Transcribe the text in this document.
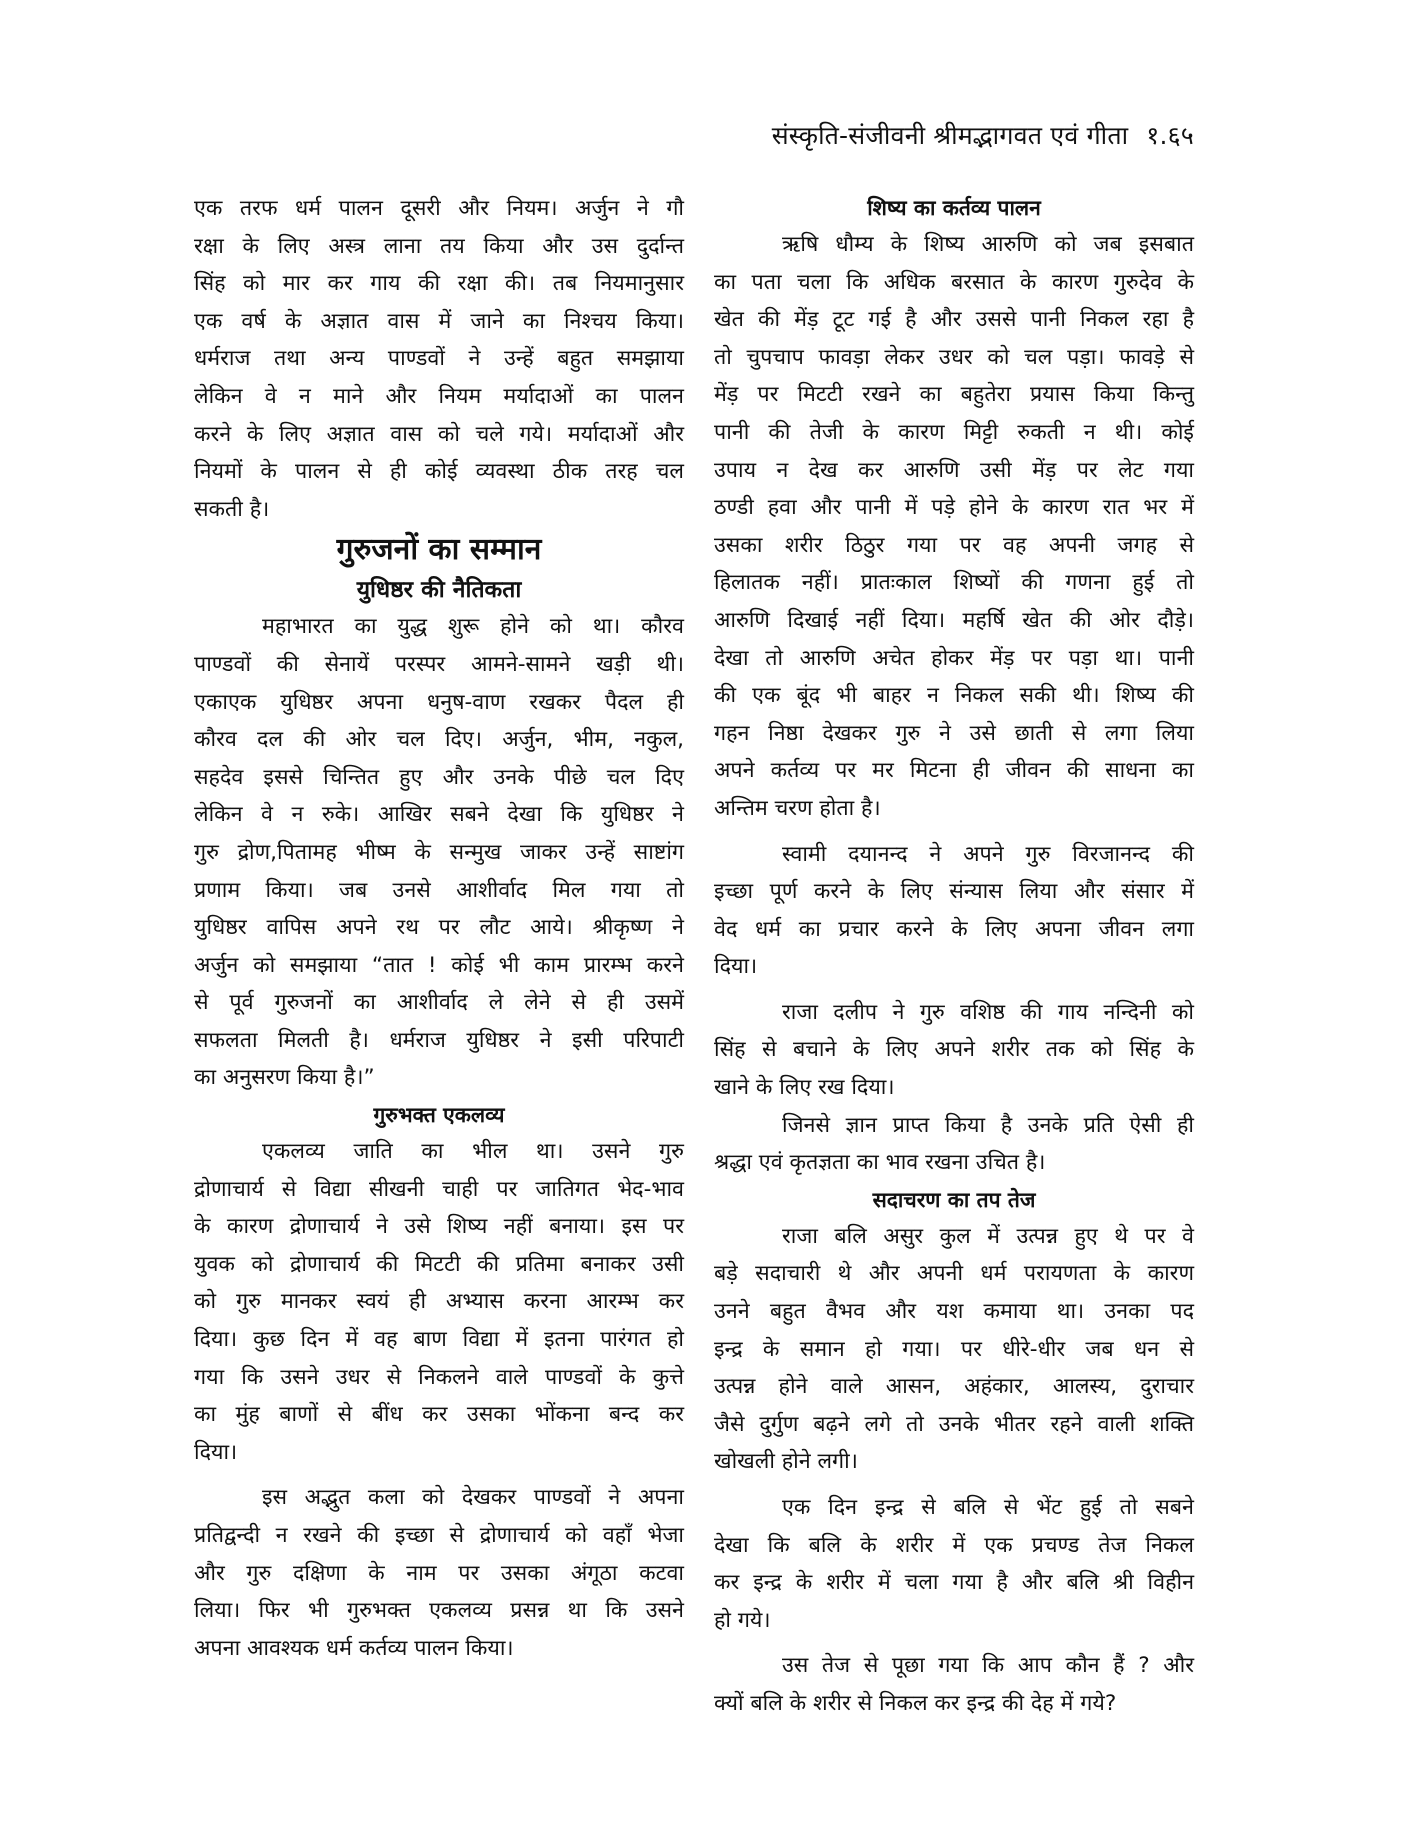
संस्कृति-संजीवनी श्रीमद्भागवत एवं गीता १.६५
एक तरफ धर्म पालन दूसरी और नियम। अर्जुन ने गौ
रक्षा के लिए अस्त्र लाना तय किया और उस दुर्दान्त
सिंह को मार कर गाय की रक्षा की। तब नियमानुसार
एक वर्ष के अज्ञात वास में जाने का निश्चय किया।
धर्मराज तथा अन्य पाण्डवों ने उन्हें बहुत समझाया
लेकिन वे न माने और नियम मर्यादाओं का पालन
करने के लिए अज्ञात वास को चले गये। मर्यादाओं और
नियमों के पालन से ही कोई व्यवस्था ठीक तरह चल
सकती है।
गुरुजनों का सम्मान
युधिष्ठर की नैतिकता
महाभारत का युद्ध शुरू होने को था। कौरव
पाण्डवों की सेनायें परस्पर आमने-सामने खड़ी थी।
एकाएक युधिष्ठर अपना धनुष-वाण रखकर पैदल ही
कौरव दल की ओर चल दिए। अर्जुन, भीम, नकुल,
सहदेव इससे चिन्तित हुए और उनके पीछे चल दिए
लेकिन वे न रुके। आखिर सबने देखा कि युधिष्ठर ने
गुरु द्रोण,पितामह भीष्म के सन्मुख जाकर उन्हें साष्टांग
प्रणाम किया। जब उनसे आशीर्वाद मिल गया तो
युधिष्ठर वापिस अपने रथ पर लौट आये। श्रीकृष्ण ने
अर्जुन को समझाया “तात ! कोई भी काम प्रारम्भ करने
से पूर्व गुरुजनों का आशीर्वाद ले लेने से ही उसमें
सफलता मिलती है। धर्मराज युधिष्ठर ने इसी परिपाटी
का अनुसरण किया है।”
गुरुभक्त एकलव्य
एकलव्य जाति का भील था। उसने गुरु
द्रोणाचार्य से विद्या सीखनी चाही पर जातिगत भेद-भाव
के कारण द्रोणाचार्य ने उसे शिष्य नहीं बनाया। इस पर
युवक को द्रोणाचार्य की मिटटी की प्रतिमा बनाकर उसी
को गुरु मानकर स्वयं ही अभ्यास करना आरम्भ कर
दिया। कुछ दिन में वह बाण विद्या में इतना पारंगत हो
गया कि उसने उधर से निकलने वाले पाण्डवों के कुत्ते
का मुंह बाणों से बींध कर उसका भोंकना बन्द कर
दिया।
इस अद्भुत कला को देखकर पाण्डवों ने अपना
प्रतिद्वन्दी न रखने की इच्छा से द्रोणाचार्य को वहाँ भेजा
और गुरु दक्षिणा के नाम पर उसका अंगूठा कटवा
लिया। फिर भी गुरुभक्त एकलव्य प्रसन्न था कि उसने
अपना आवश्यक धर्म कर्तव्य पालन किया।
शिष्य का कर्तव्य पालन
ऋषि धौम्य के शिष्य आरुणि को जब इसबात
का पता चला कि अधिक बरसात के कारण गुरुदेव के
खेत की मेंड़ टूट गई है और उससे पानी निकल रहा है
तो चुपचाप फावड़ा लेकर उधर को चल पड़ा। फावड़े से
मेंड़ पर मिटटी रखने का बहुतेरा प्रयास किया किन्तु
पानी की तेजी के कारण मिट्टी रुकती न थी। कोई
उपाय न देख कर आरुणि उसी मेंड़ पर लेट गया
ठण्डी हवा और पानी में पड़े होने के कारण रात भर में
उसका शरीर ठिठुर गया पर वह अपनी जगह से
हिलातक नहीं। प्रातःकाल शिष्यों की गणना हुई तो
आरुणि दिखाई नहीं दिया। महर्षि खेत की ओर दौड़े।
देखा तो आरुणि अचेत होकर मेंड़ पर पड़ा था। पानी
की एक बूंद भी बाहर न निकल सकी थी। शिष्य की
गहन निष्ठा देखकर गुरु ने उसे छाती से लगा लिया
अपने कर्तव्य पर मर मिटना ही जीवन की साधना का
अन्तिम चरण होता है।
स्वामी दयानन्द ने अपने गुरु विरजानन्द की
इच्छा पूर्ण करने के लिए संन्यास लिया और संसार में
वेद धर्म का प्रचार करने के लिए अपना जीवन लगा
दिया।
राजा दलीप ने गुरु वशिष्ठ की गाय नन्दिनी को
सिंह से बचाने के लिए अपने शरीर तक को सिंह के
खाने के लिए रख दिया।
जिनसे ज्ञान प्राप्त किया है उनके प्रति ऐसी ही
श्रद्धा एवं कृतज्ञता का भाव रखना उचित है।
सदाचरण का तप तेज
राजा बलि असुर कुल में उत्पन्न हुए थे पर वे
बड़े सदाचारी थे और अपनी धर्म परायणता के कारण
उनने बहुत वैभव और यश कमाया था। उनका पद
इन्द्र के समान हो गया। पर धीरे-धीर जब धन से
उत्पन्न होने वाले आसन, अहंकार, आलस्य, दुराचार
जैसे दुर्गुण बढ़ने लगे तो उनके भीतर रहने वाली शक्ति
खोखली होने लगी।
एक दिन इन्द्र से बलि से भेंट हुई तो सबने
देखा कि बलि के शरीर में एक प्रचण्ड तेज निकल
कर इन्द्र के शरीर में चला गया है और बलि श्री विहीन
हो गये।
उस तेज से पूछा गया कि आप कौन हैं ? और
क्यों बलि के शरीर से निकल कर इन्द्र की देह में गये?
